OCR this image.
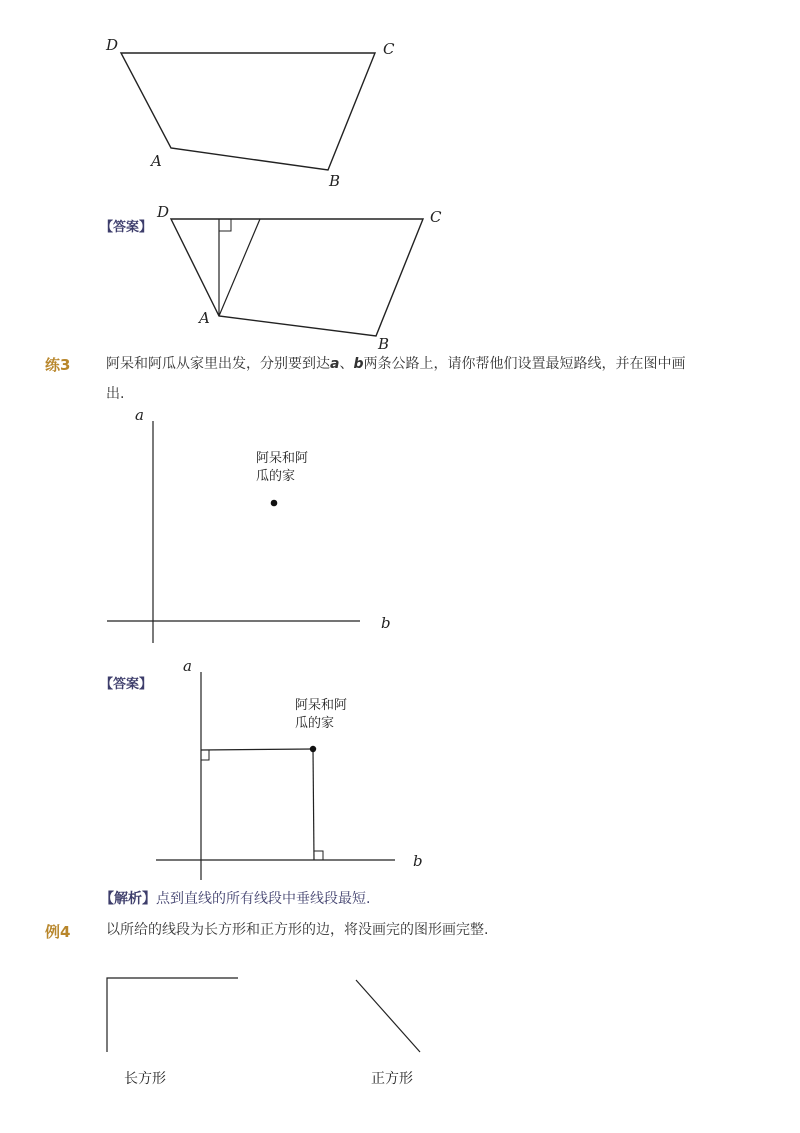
D	C
A
B
【答案】
D	C
A
B
练3	阿呆和阿瓜从家里出发，分别要到达a、b两条公路上，请你帮他们设置最短路线，并在图中画
出.
a
b
阿呆和阿
瓜的家
【答案】
a
b
阿呆和阿
瓜的家
【解析】点到直线的所有线段中垂线段最短.
例4	以所给的线段为长方形和正方形的边，将没画完的图形画完整.
长方形	正方形
